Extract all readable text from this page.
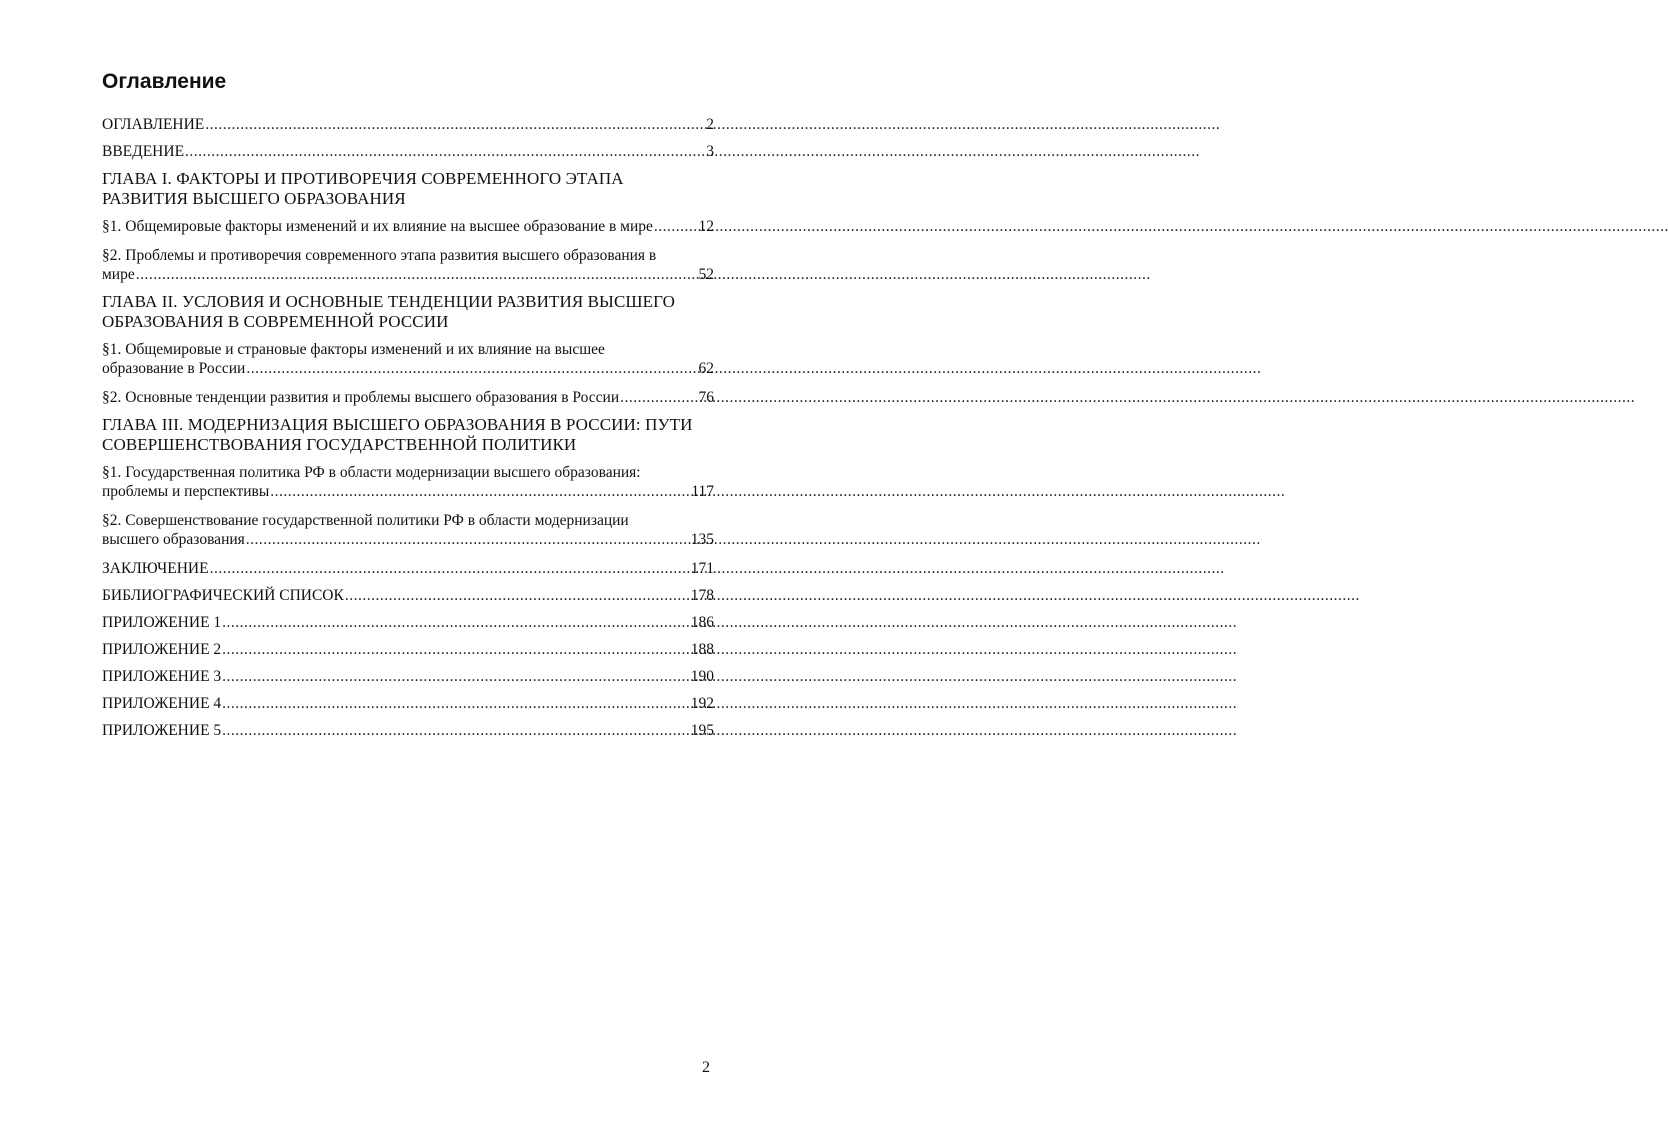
Оглавление
ОГЛАВЛЕНИЕ .....	2
ВВЕДЕНИЕ .....	3
ГЛАВА I. ФАКТОРЫ И ПРОТИВОРЕЧИЯ СОВРЕМЕННОГО ЭТАПА РАЗВИТИЯ ВЫСШЕГО ОБРАЗОВАНИЯ
§1. Общемировые факторы изменений и их влияние на высшее образование в мире .....	12
§2. Проблемы и противоречия современного этапа развития высшего образования в
мире .....	52
ГЛАВА II. УСЛОВИЯ И ОСНОВНЫЕ ТЕНДЕНЦИИ РАЗВИТИЯ ВЫСШЕГО ОБРАЗОВАНИЯ В СОВРЕМЕННОЙ РОССИИ
§1. Общемировые и страновые факторы изменений и их влияние на высшее
образование в России .....	62
§2. Основные тенденции развития и проблемы высшего образования в России .....	76
ГЛАВА III. МОДЕРНИЗАЦИЯ ВЫСШЕГО ОБРАЗОВАНИЯ В РОССИИ: ПУТИ СОВЕРШЕНСТВОВАНИЯ ГОСУДАРСТВЕННОЙ ПОЛИТИКИ
§1. Государственная политика РФ в области модернизации высшего образования:
проблемы и перспективы .....	117
§2. Совершенствование государственной политики РФ в области модернизации
высшего образования .....	135
ЗАКЛЮЧЕНИЕ .....	171
БИБЛИОГРАФИЧЕСКИЙ СПИСОК .....	178
ПРИЛОЖЕНИЕ 1 .....	186
ПРИЛОЖЕНИЕ 2 .....	188
ПРИЛОЖЕНИЕ 3 .....	190
ПРИЛОЖЕНИЕ 4 .....	192
ПРИЛОЖЕНИЕ 5 .....	195
2
